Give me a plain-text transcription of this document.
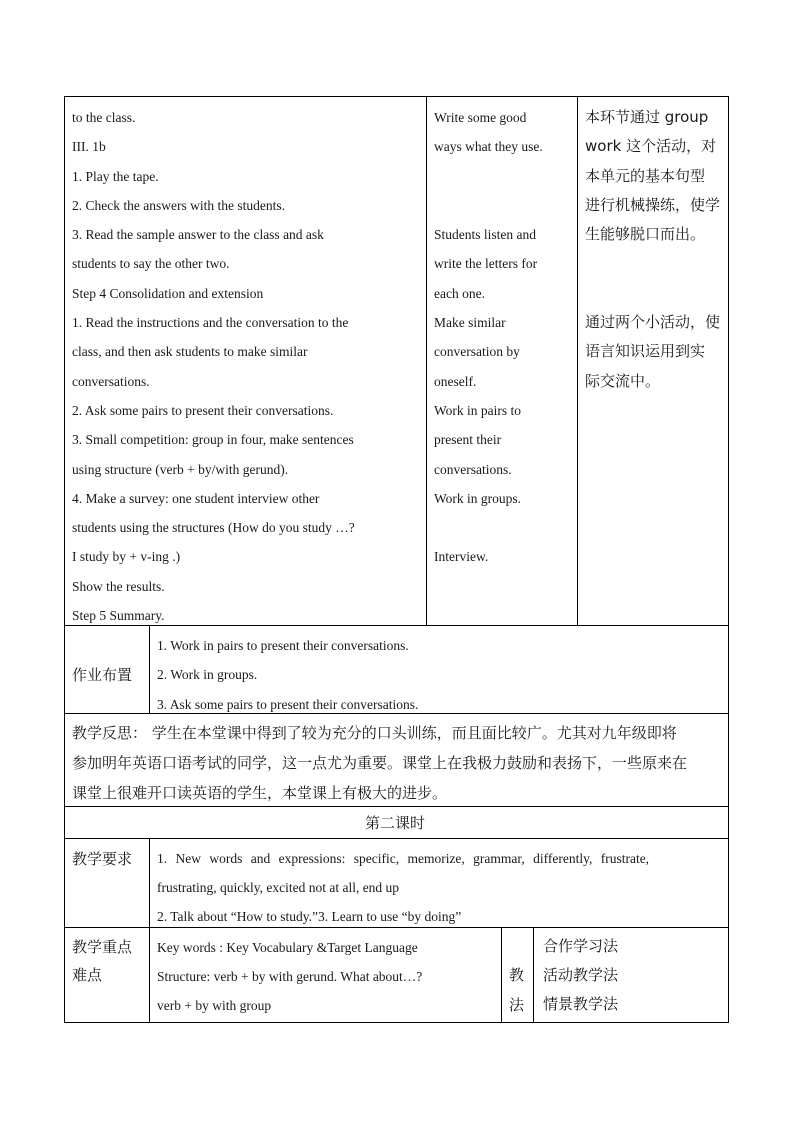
to the class.
III. 1b
1. Play the tape.
2. Check the answers with the students.
3. Read the sample answer to the class and ask
students to say the other two.
Step 4 Consolidation and extension
1. Read the instructions and the conversation to the
class, and then ask students to make similar
conversations.
2. Ask some pairs to present their conversations.
3. Small competition: group in four, make sentences
using structure (verb + by/with gerund).
4. Make a survey: one student interview other
students using the structures (How do you study …?
I study by + v-ing .)
Show the results.
Step 5 Summary.
Write some good
ways what they use.
Students listen and
write the letters for
each one.
Make similar
conversation by
oneself.
Work in pairs to
present their
conversations.
Work in groups.
Interview.
本环节通过 group
work 这个活动，对
本单元的基本句型
进行机械操练，使学
生能够脱口而出。
通过两个小活动，使
语言知识运用到实
际交流中。
作业布置
1. Work in pairs to present their conversations.
2. Work in groups.
3. Ask some pairs to present their conversations.
教学反思： 学生在本堂课中得到了较为充分的口头训练，而且面比较广。尤其对九年级即将
参加明年英语口语考试的同学，这一点尤为重要。课堂上在我极力鼓励和表扬下，一些原来在
课堂上很难开口读英语的学生，本堂课上有极大的进步。
第二课时
教学要求 1. New words and expressions: specific, memorize, grammar, differently, frustrate,
frustrating, quickly, excited not at all, end up
2. Talk about “How to study.”3. Learn to use “by doing”
教学重点
难点
Key words : Key Vocabulary &Target Language
Structure: verb + by with gerund. What about…?
verb + by with group
教
法
合作学习法
活动教学法
情景教学法
